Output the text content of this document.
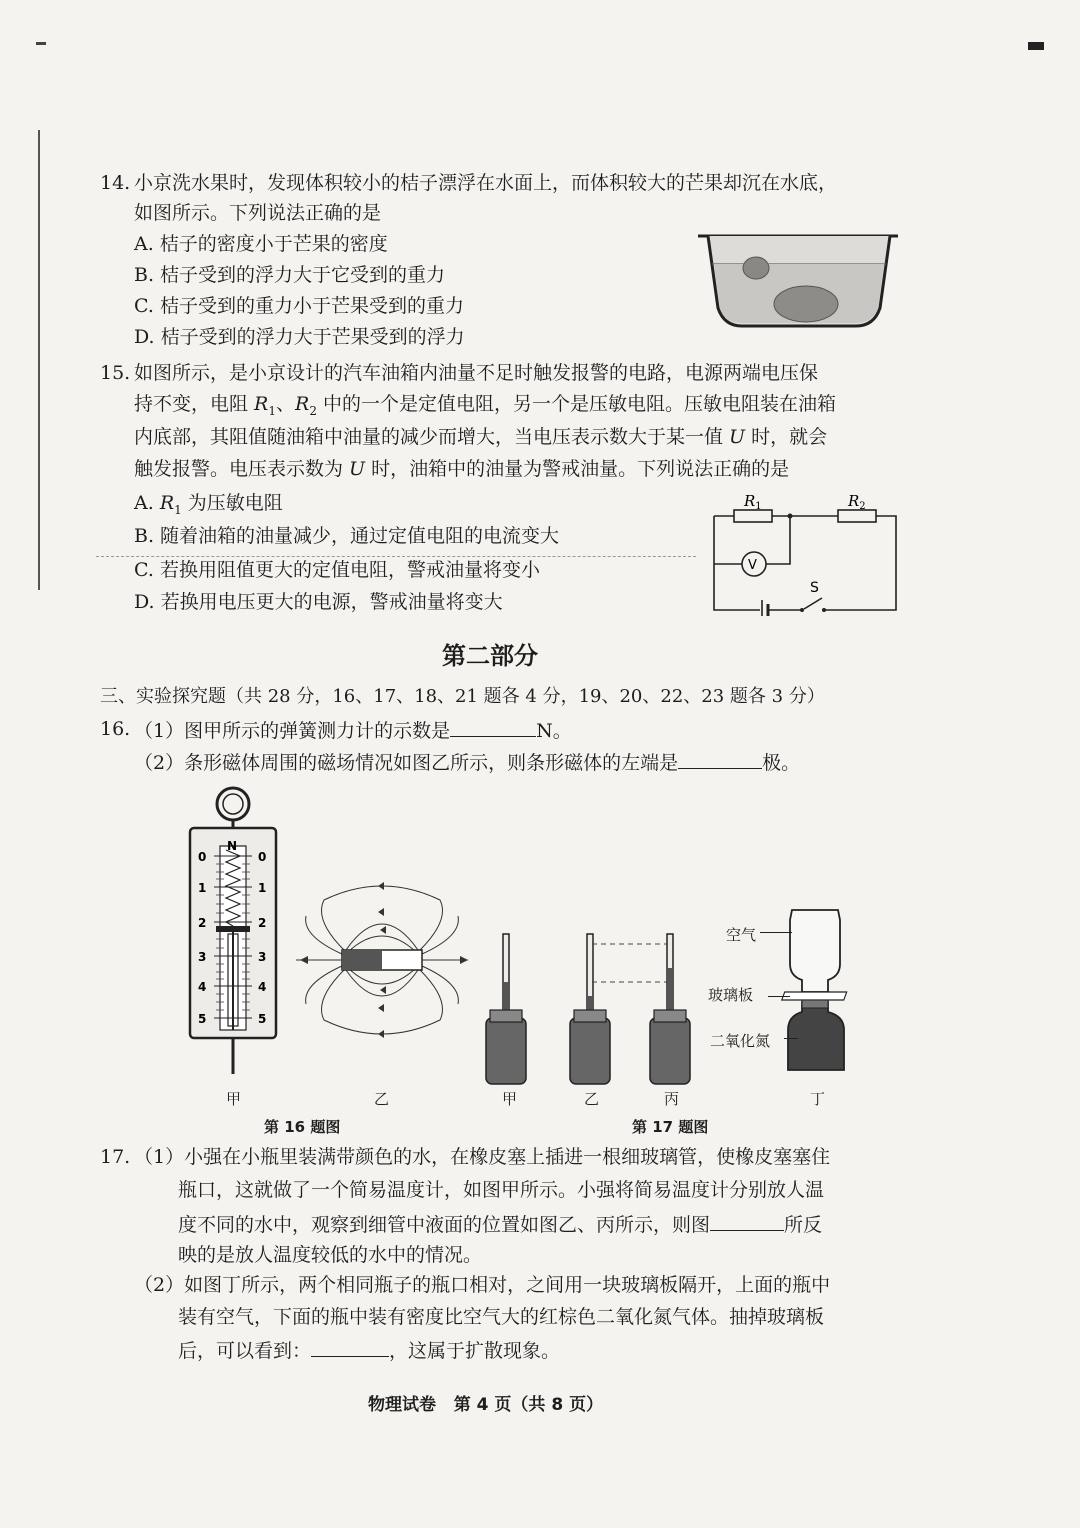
14. 小京洗水果时，发现体积较小的桔子漂浮在水面上，而体积较大的芒果却沉在水底，
如图所示。下列说法正确的是
A. 桔子的密度小于芒果的密度
B. 桔子受到的浮力大于它受到的重力
C. 桔子受到的重力小于芒果受到的重力
D. 桔子受到的浮力大于芒果受到的浮力
15. 如图所示，是小京设计的汽车油箱内油量不足时触发报警的电路，电源两端电压保
持不变，电阻 $R_1$、$R_2$ 中的一个是定值电阻，另一个是压敏电阻。压敏电阻装在油箱
内底部，其阻值随油箱中油量的减少而增大，当电压表示数大于某一值 U 时，就会
触发报警。电压表示数为 U 时，油箱中的油量为警戒油量。下列说法正确的是
A. $R_1$ 为压敏电阻
B. 随着油箱的油量减少，通过定值电阻的电流变大
C. 若换用阻值更大的定值电阻，警戒油量将变小
D. 若换用电压更大的电源，警戒油量将变大
$R_1$	$R_2$
V
S
第二部分
三、实验探究题（共 28 分，16、17、18、21 题各 4 分，19、20、22、23 题各 3 分）
16. （1）图甲所示的弹簧测力计的示数是	N。
（2）条形磁体周围的磁场情况如图乙所示，则条形磁体的左端是	极。
N
0
1
2
3
4
5
0
1
2
3
4
5
空气
玻璃板
二氧化氮
甲	乙	甲	乙	丙	丁
第 16 题图	第 17 题图
17. （1）小强在小瓶里装满带颜色的水，在橡皮塞上插进一根细玻璃管，使橡皮塞塞住
瓶口，这就做了一个简易温度计，如图甲所示。小强将简易温度计分别放人温
度不同的水中，观察到细管中液面的位置如图乙、丙所示，则图	所反
映的是放人温度较低的水中的情况。
（2）如图丁所示，两个相同瓶子的瓶口相对，之间用一块玻璃板隔开，上面的瓶中
装有空气，下面的瓶中装有密度比空气大的红棕色二氧化氮气体。抽掉玻璃板
后，可以看到：	，这属于扩散现象。
物理试卷   第 4 页（共 8 页）
